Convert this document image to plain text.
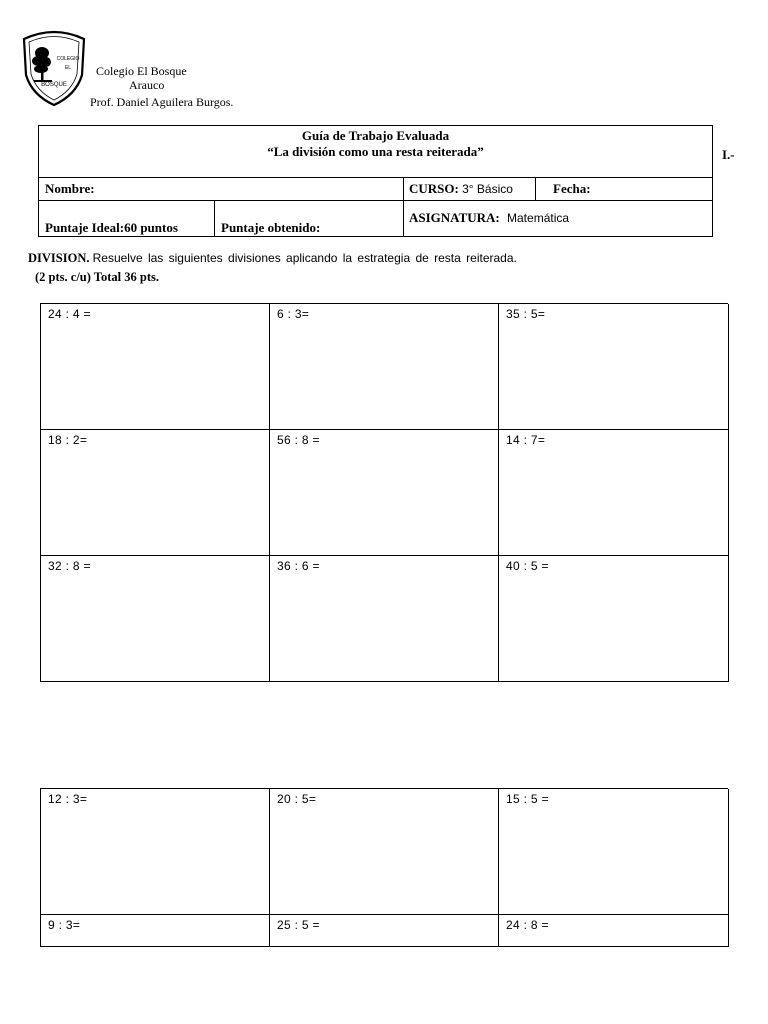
COLEGIO
EL
BOSQUE
Colegio El Bosque
Arauco
Prof. Daniel Aguilera Burgos.
Guía de Trabajo Evaluada
“La división como una resta reiterada”
Nombre:	CURSO: 3° Básico	Fecha:
Puntaje Ideal:60 puntos	Puntaje obtenido:
ASIGNATURA: Matemática
I.-
DIVISION. Resuelve las siguientes divisiones aplicando la estrategia de resta reiterada.
(2 pts. c/u) Total 36 pts.
24 : 4 =	6 : 3=	35 : 5=
18 : 2=	56 : 8 =	14 : 7=
32 : 8 =	36 : 6 =	40 : 5 =
12 : 3=	20 : 5=	15 : 5 =
9 : 3=	25 : 5 =	24 : 8 =
